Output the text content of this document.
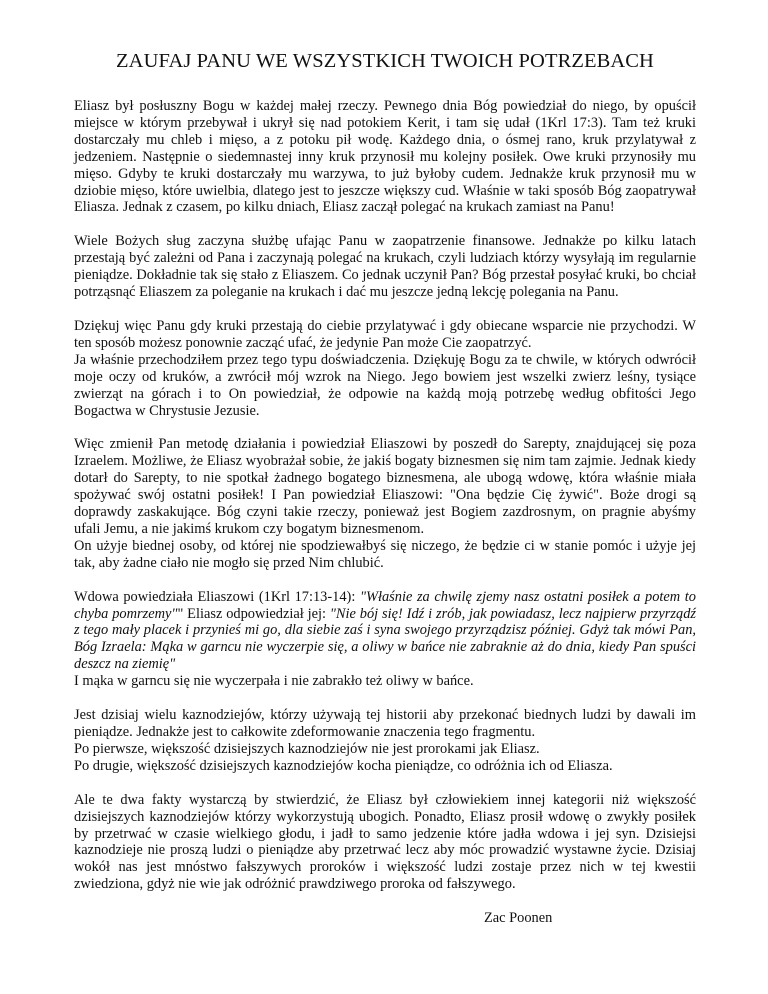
ZAUFAJ PANU WE WSZYSTKICH TWOICH POTRZEBACH

Eliasz był posłuszny Bogu w każdej małej rzeczy. Pewnego dnia Bóg powiedział do niego, by opuścił miejsce w którym przebywał i ukrył się nad potokiem Kerit, i tam się udał (1Krl 17:3). Tam też kruki dostarczały mu chleb i mięso, a z potoku pił wodę. Każdego dnia, o ósmej rano, kruk przylatywał z jedzeniem. Następnie o siedemnastej inny kruk przynosił mu kolejny posiłek. Owe kruki przynosiły mu mięso. Gdyby te kruki dostarczały mu warzywa, to już byłoby cudem. Jednakże kruk przynosił mu w dziobie mięso, które uwielbia, dlatego jest to jeszcze większy cud. Właśnie w taki sposób Bóg zaopatrywał Eliasza. Jednak z czasem, po kilku dniach, Eliasz zaczął polegać na krukach zamiast na Panu!

Wiele Bożych sług zaczyna służbę ufając Panu w zaopatrzenie finansowe. Jednakże po kilku latach przestają być zależni od Pana i zaczynają polegać na krukach, czyli ludziach którzy wysyłają im regularnie pieniądze. Dokładnie tak się stało z Eliaszem. Co jednak uczynił Pan? Bóg przestał posyłać kruki, bo chciał potrząsnąć Eliaszem za poleganie na krukach i dać mu jeszcze jedną lekcję polegania na Panu.

Dziękuj więc Panu gdy kruki przestają do ciebie przylatywać i gdy obiecane wsparcie nie przychodzi. W ten sposób możesz ponownie zacząć ufać, że jedynie Pan może Cie zaopatrzyć.

Ja właśnie przechodziłem przez tego typu doświadczenia. Dziękuję Bogu za te chwile, w których odwrócił moje oczy od kruków, a zwrócił mój wzrok na Niego. Jego bowiem jest wszelki zwierz leśny, tysiące zwierząt na górach i to On powiedział, że odpowie na każdą moją potrzebę według obfitości Jego Bogactwa w Chrystusie Jezusie.

Więc zmienił Pan metodę działania i powiedział Eliaszowi by poszedł do Sarepty, znajdującej się poza Izraelem. Możliwe, że Eliasz wyobrażał sobie, że jakiś bogaty biznesmen się nim tam zajmie. Jednak kiedy dotarł do Sarepty, to nie spotkał żadnego bogatego biznesmena, ale ubogą wdowę, która właśnie miała spożywać swój ostatni posiłek! I Pan powiedział Eliaszowi: "Ona będzie Cię żywić". Boże drogi są doprawdy zaskakujące. Bóg czyni takie rzeczy, ponieważ jest Bogiem zazdrosnym, on pragnie abyśmy ufali Jemu, a nie jakimś krukom czy bogatym biznesmenom.

On użyje biednej osoby, od której nie spodziewałbyś się niczego, że będzie ci w stanie pomóc i użyje jej tak, aby żadne ciało nie mogło się przed Nim chlubić.

Wdowa powiedziała Eliaszowi (1Krl 17:13-14): "Właśnie za chwilę zjemy nasz ostatni posiłek a potem to chyba pomrzemy"" Eliasz odpowiedział jej: "Nie bój się! Idź i zrób, jak powiadasz, lecz najpierw przyrządź z tego mały placek i przynieś mi go, dla siebie zaś i syna swojego przyrządzisz później. Gdyż tak mówi Pan, Bóg Izraela: Mąka w garncu nie wyczerpie się, a oliwy w bańce nie zabraknie aż do dnia, kiedy Pan spuści deszcz na ziemię"

I mąka w garncu się nie wyczerpała i nie zabrakło też oliwy w bańce.

Jest dzisiaj wielu kaznodziejów, którzy używają tej historii aby przekonać biednych ludzi by dawali im pieniądze. Jednakże jest to całkowite zdeformowanie znaczenia tego fragmentu.

Po pierwsze, większość dzisiejszych kaznodziejów nie jest prorokami jak Eliasz.

Po drugie, większość dzisiejszych kaznodziejów kocha pieniądze, co odróżnia ich od Eliasza.

Ale te dwa fakty wystarczą by stwierdzić, że Eliasz był człowiekiem innej kategorii niż większość dzisiejszych kaznodziejów którzy wykorzystują ubogich. Ponadto, Eliasz prosił wdowę o zwykły posiłek by przetrwać w czasie wielkiego głodu, i jadł to samo jedzenie które jadła wdowa i jej syn. Dzisiejsi kaznodzieje nie proszą ludzi o pieniądze aby przetrwać lecz aby móc prowadzić wystawne życie. Dzisiaj wokół nas jest mnóstwo fałszywych proroków i większość ludzi zostaje przez nich w tej kwestii zwiedziona, gdyż nie wie jak odróżnić prawdziwego proroka od fałszywego.

Zac Poonen
